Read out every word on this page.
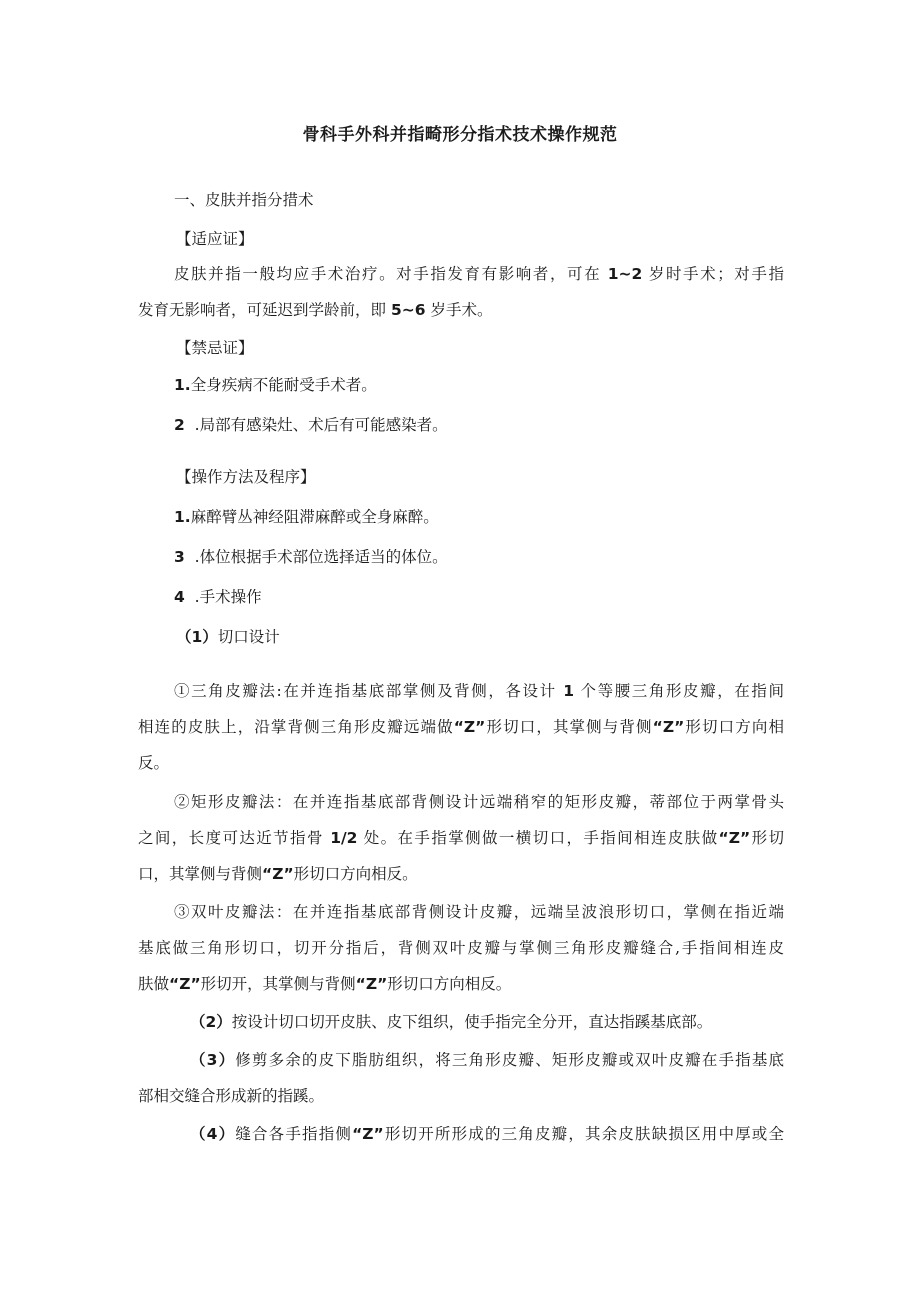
骨科手外科并指畸形分指术技术操作规范
一、皮肤并指分措术
【适应证】
皮肤并指一般均应手术治疗。对手指发育有影响者，可在 1~2 岁时手术；对手指
发育无影响者，可延迟到学龄前，即 5~6 岁手术。
【禁忌证】
1.全身疾病不能耐受手术者。
2 .局部有感染灶、术后有可能感染者。
【操作方法及程序】
1.麻醉臂丛神经阻滞麻醉或全身麻醉。
3 .体位根据手术部位选择适当的体位。
4 .手术操作
（1）切口设计
①三角皮瓣法:在并连指基底部掌侧及背侧，各设计 1 个等腰三角形皮瓣，在指间
相连的皮肤上，沿掌背侧三角形皮瓣远端做“Z”形切口，其掌侧与背侧“Z”形切口方向相
反。
②矩形皮瓣法：在并连指基底部背侧设计远端稍窄的矩形皮瓣，蒂部位于两掌骨头
之间，长度可达近节指骨 1/2 处。在手指掌侧做一横切口，手指间相连皮肤做“Z”形切
口，其掌侧与背侧“Z”形切口方向相反。
③双叶皮瓣法：在并连指基底部背侧设计皮瓣，远端呈波浪形切口，掌侧在指近端
基底做三角形切口，切开分指后，背侧双叶皮瓣与掌侧三角形皮瓣缝合,手指间相连皮
肤做“Z”形切开，其掌侧与背侧“Z”形切口方向相反。
（2）按设计切口切开皮肤、皮下组织，使手指完全分开，直达指蹊基底部。
（3）修剪多余的皮下脂肪组织，将三角形皮瓣、矩形皮瓣或双叶皮瓣在手指基底
部相交缝合形成新的指蹊。
（4）缝合各手指指侧“Z”形切开所形成的三角皮瓣，其余皮肤缺损区用中厚或全
